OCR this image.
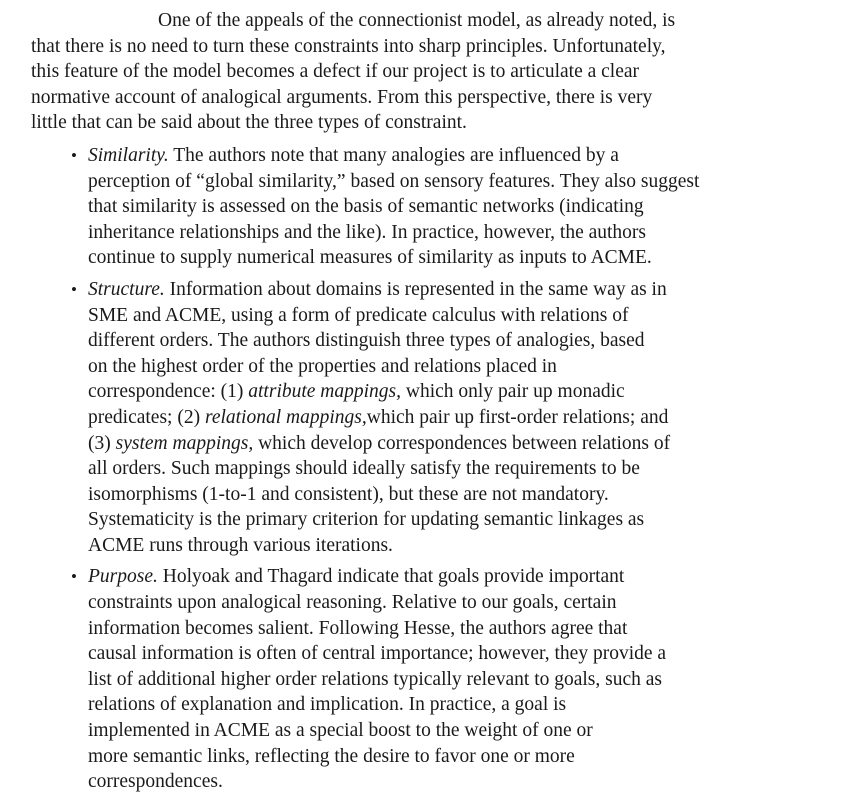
One of the appeals of the connectionist model, as already noted, is
that there is no need to turn these constraints into sharp principles. Unfortunately,
this feature of the model becomes a defect if our project is to articulate a clear
normative account of analogical arguments. From this perspective, there is very
little that can be said about the three types of constraint.

• Similarity. The authors note that many analogies are influenced by a
perception of “global similarity,” based on sensory features. They also suggest
that similarity is assessed on the basis of semantic networks (indicating
inheritance relationships and the like). In practice, however, the authors
continue to supply numerical measures of similarity as inputs to ACME.
• Structure. Information about domains is represented in the same way as in
SME and ACME, using a form of predicate calculus with relations of
different orders. The authors distinguish three types of analogies, based
on the highest order of the properties and relations placed in
correspondence: (1) attribute mappings, which only pair up monadic
predicates; (2) relational mappings,which pair up first-order relations; and
(3) system mappings, which develop correspondences between relations of
all orders. Such mappings should ideally satisfy the requirements to be
isomorphisms (1-to-1 and consistent), but these are not mandatory.
Systematicity is the primary criterion for updating semantic linkages as
ACME runs through various iterations.
• Purpose. Holyoak and Thagard indicate that goals provide important
constraints upon analogical reasoning. Relative to our goals, certain
information becomes salient. Following Hesse, the authors agree that
causal information is often of central importance; however, they provide a
list of additional higher order relations typically relevant to goals, such as
relations of explanation and implication. In practice, a goal is
implemented in ACME as a special boost to the weight of one or
more semantic links, reflecting the desire to favor one or more
correspondences.
